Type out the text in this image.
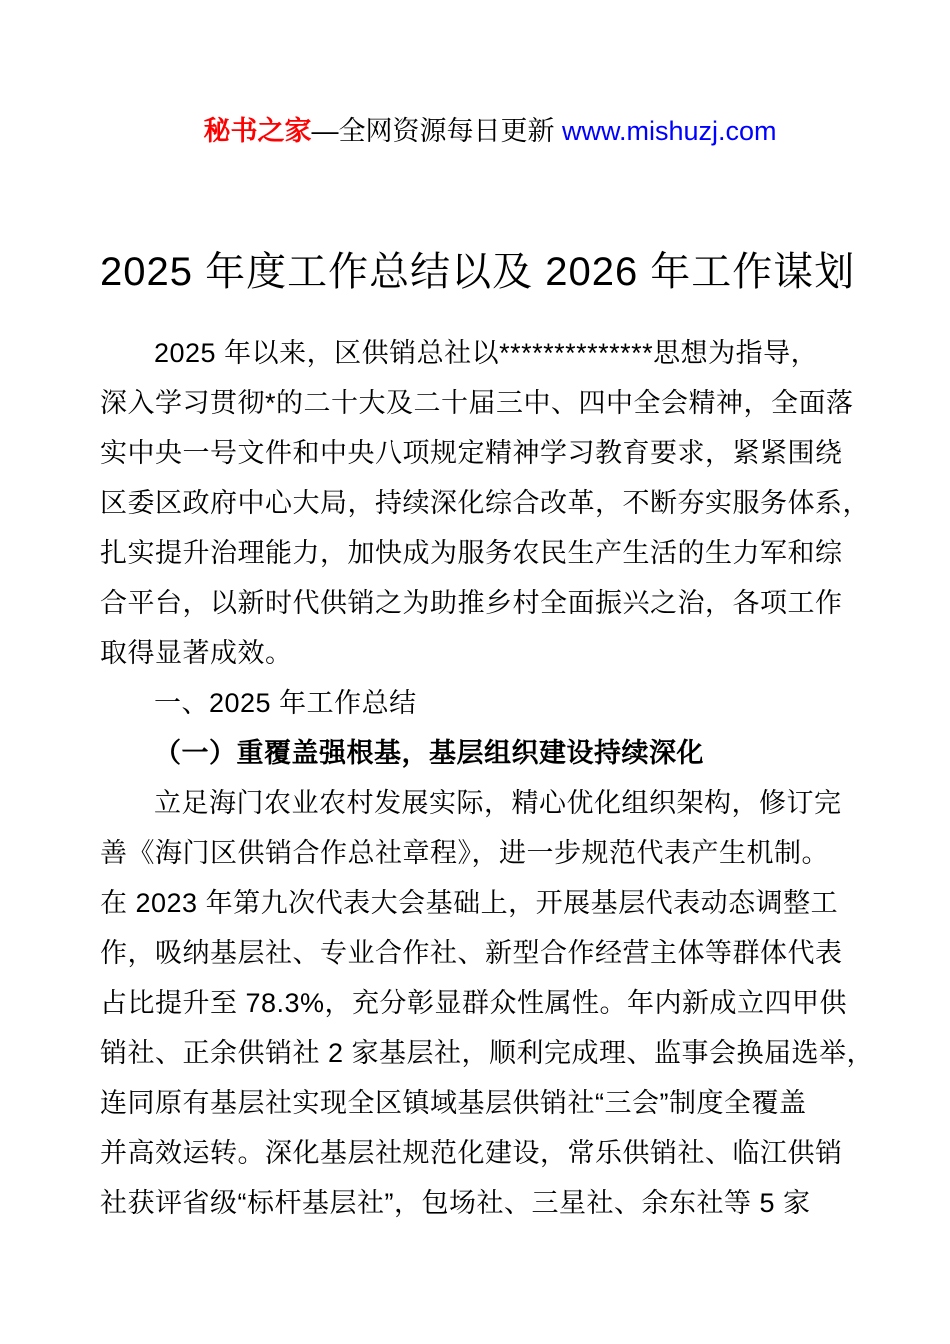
秘书之家—全网资源每日更新 www.mishuzj.com

2025 年度工作总结以及 2026 年工作谋划
2025 年以来，区供销总社以**************思想为指导，
深入学习贯彻*的二十大及二十届三中、四中全会精神，全面落
实中央一号文件和中央八项规定精神学习教育要求，紧紧围绕
区委区政府中心大局，持续深化综合改革，不断夯实服务体系，
扎实提升治理能力，加快成为服务农民生产生活的生力军和综
合平台，以新时代供销之为助推乡村全面振兴之治，各项工作
取得显著成效。
一、2025 年工作总结
（一）重覆盖强根基，基层组织建设持续深化
立足海门农业农村发展实际，精心优化组织架构，修订完
善《海门区供销合作总社章程》，进一步规范代表产生机制。
在 2023 年第九次代表大会基础上，开展基层代表动态调整工
作，吸纳基层社、专业合作社、新型合作经营主体等群体代表
占比提升至 78.3%，充分彰显群众性属性。年内新成立四甲供
销社、正余供销社 2 家基层社，顺利完成理、监事会换届选举，
连同原有基层社实现全区镇域基层供销社“三会”制度全覆盖
并高效运转。深化基层社规范化建设，常乐供销社、临江供销
社获评省级“标杆基层社”，包场社、三星社、余东社等 5 家
